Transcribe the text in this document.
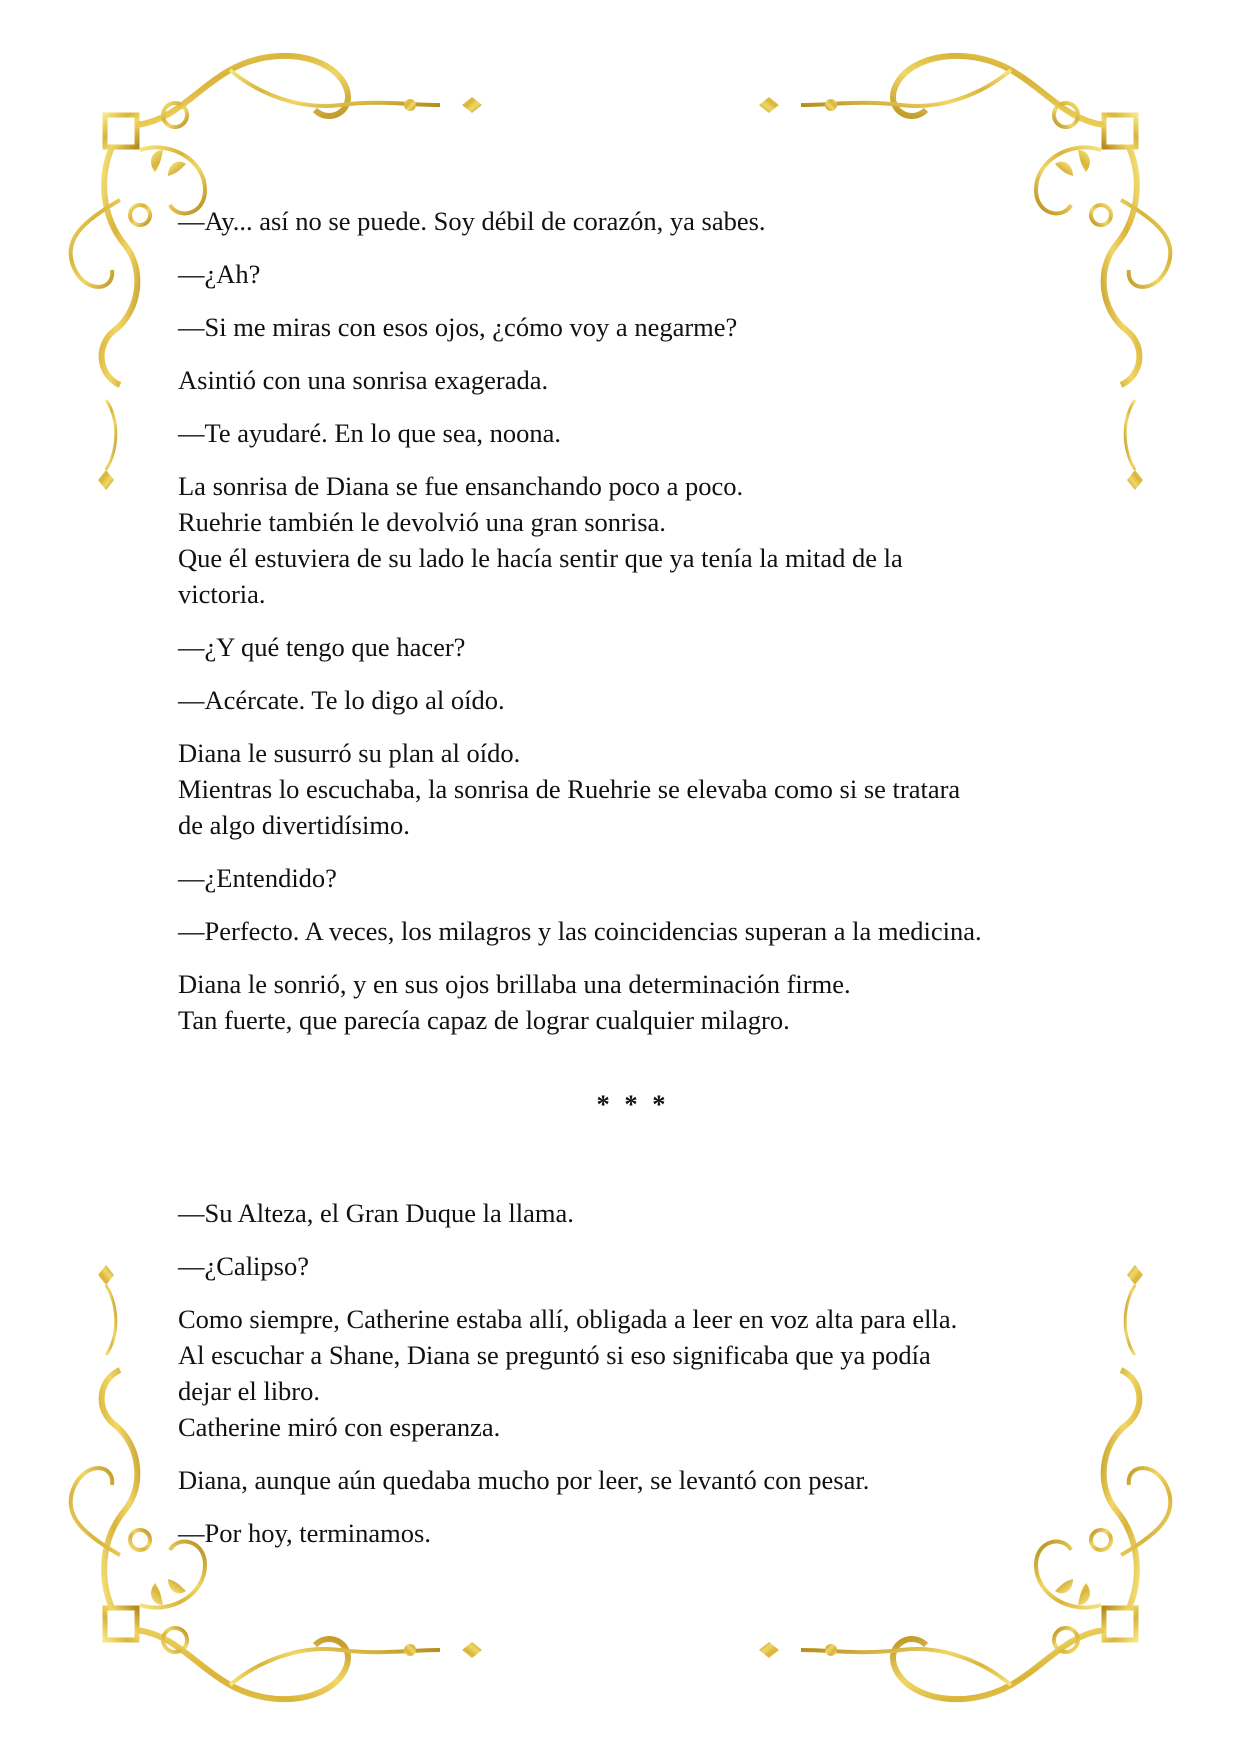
—Ay... así no se puede. Soy débil de corazón, ya sabes.

—¿Ah?

—Si me miras con esos ojos, ¿cómo voy a negarme?

Asintió con una sonrisa exagerada.

—Te ayudaré. En lo que sea, noona.

La sonrisa de Diana se fue ensanchando poco a poco.
Ruehrie también le devolvió una gran sonrisa.
Que él estuviera de su lado le hacía sentir que ya tenía la mitad de la
victoria.

—¿Y qué tengo que hacer?

—Acércate. Te lo digo al oído.

Diana le susurró su plan al oído.
Mientras lo escuchaba, la sonrisa de Ruehrie se elevaba como si se tratara
de algo divertidísimo.

—¿Entendido?

—Perfecto. A veces, los milagros y las coincidencias superan a la medicina.

Diana le sonrió, y en sus ojos brillaba una determinación firme.
Tan fuerte, que parecía capaz de lograr cualquier milagro.

* * *

—Su Alteza, el Gran Duque la llama.

—¿Calipso?

Como siempre, Catherine estaba allí, obligada a leer en voz alta para ella.
Al escuchar a Shane, Diana se preguntó si eso significaba que ya podía
dejar el libro.
Catherine miró con esperanza.

Diana, aunque aún quedaba mucho por leer, se levantó con pesar.

—Por hoy, terminamos.
